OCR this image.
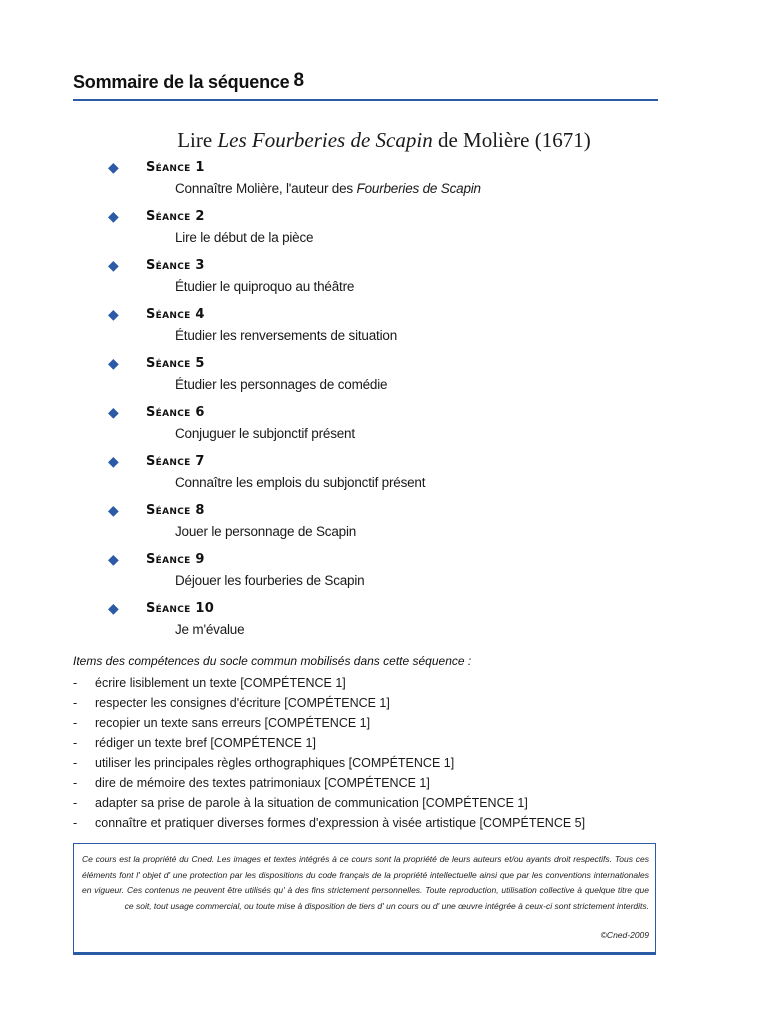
Sommaire de la séquence 8
Lire Les Fourberies de Scapin de Molière (1671)
◆ Séance 1
Connaître Molière, l'auteur des Fourberies de Scapin
◆ Séance 2
Lire le début de la pièce
◆ Séance 3
Étudier le quiproquo au théâtre
◆ Séance 4
Étudier les renversements de situation
◆ Séance 5
Étudier les personnages de comédie
◆ Séance 6
Conjuguer le subjonctif présent
◆ Séance 7
Connaître les emplois du subjonctif présent
◆ Séance 8
Jouer le personnage de Scapin
◆ Séance 9
Déjouer les fourberies de Scapin
◆ Séance 10
Je m'évalue
Items des compétences du socle commun mobilisés dans cette séquence :
- écrire lisiblement un texte [COMPÉTENCE 1]
- respecter les consignes d'écriture [COMPÉTENCE 1]
- recopier un texte sans erreurs [COMPÉTENCE 1]
- rédiger un texte bref [COMPÉTENCE 1]
- utiliser les principales règles orthographiques [COMPÉTENCE 1]
- dire de mémoire des textes patrimoniaux [COMPÉTENCE 1]
- adapter sa prise de parole à la situation de communication [COMPÉTENCE 1]
- connaître et pratiquer diverses formes d'expression à visée artistique [COMPÉTENCE 5]
Ce cours est la propriété du Cned. Les images et textes intégrés à ce cours sont la propriété de leurs auteurs et/ou ayants droit respectifs. Tous ces éléments font l' objet d' une protection par les dispositions du code français de la propriété intellectuelle ainsi que par les conventions internationales en vigueur. Ces contenus ne peuvent être utilisés qu' à des fins strictement personnelles. Toute reproduction, utilisation collective à quelque titre que ce soit, tout usage commercial, ou toute mise à disposition de tiers d' un cours ou d' une œuvre intégrée à ceux-ci sont strictement interdits.
©Cned-2009
